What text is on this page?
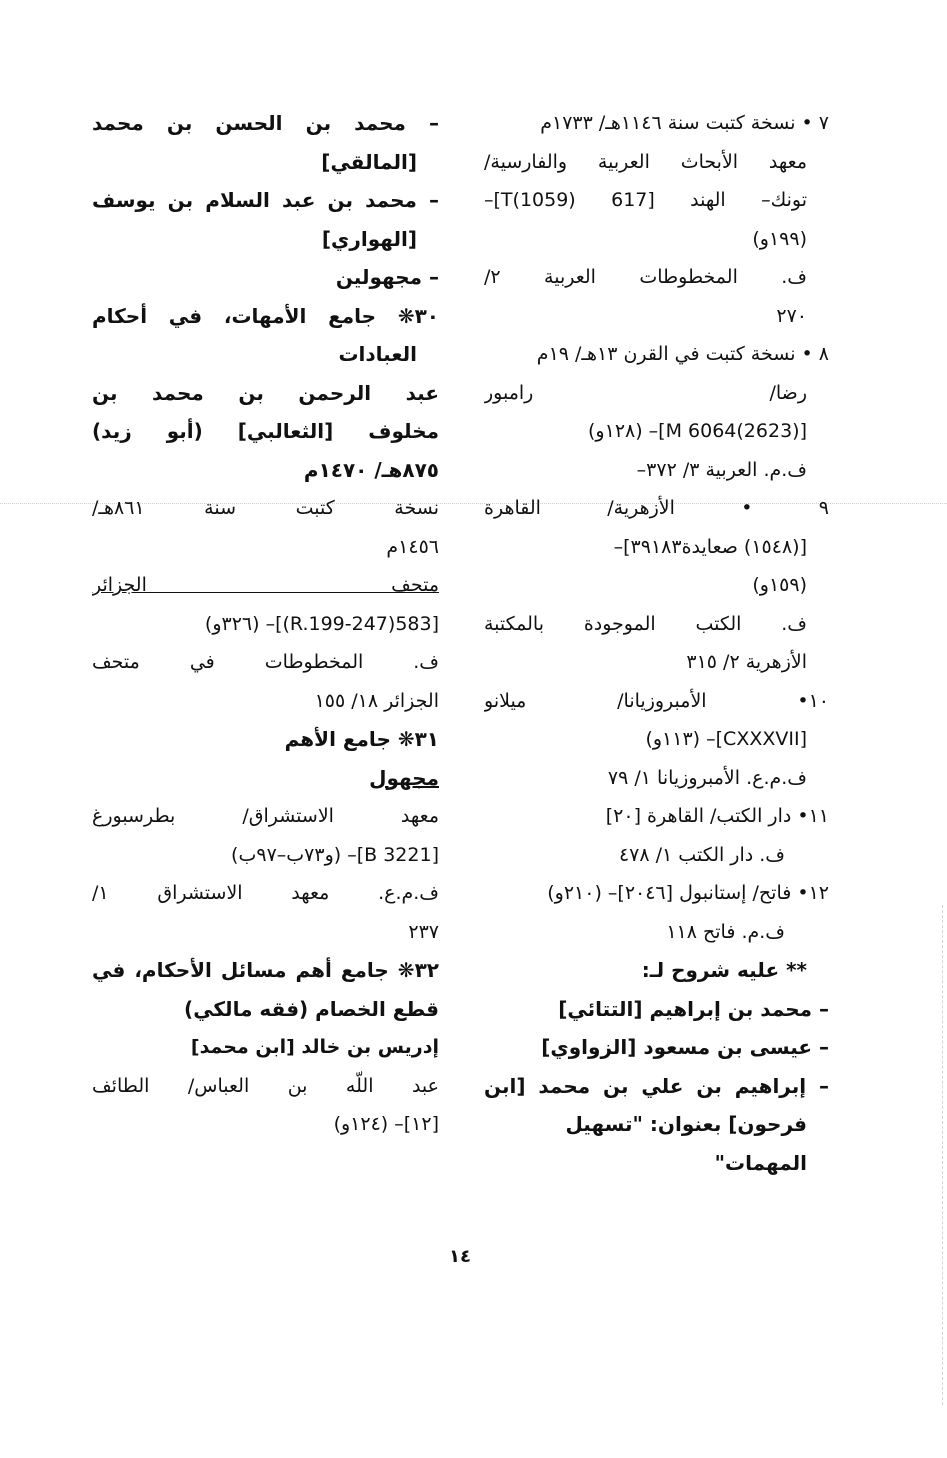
٧ • نسخة كتبت سنة ١١٤٦هـ/ ١٧٣٣م
معهد الأبحاث العربية والفارسية/
تونك– الهند [617 T(1059)]–
(١٩٩و)
ف. المخطوطات العربية ٢/
٢٧٠
٨ • نسخة كتبت في القرن ١٣هـ/ ١٩م
رضا/ رامبور
[M 6064(2623)]– (١٢٨و)
ف.م. العربية ٣/ ٣٧٢–
٩ • الأزهرية/ القاهرة
[(١٥٤٨) صعايدة٣٩١٨٣]–
(١٥٩و)
ف. الكتب الموجودة بالمكتبة
الأزهرية ٢/ ٣١٥
١٠• الأمبروزيانا/ ميلانو
[CXXXVII]– (١١٣و)
ف.م.ع. الأمبروزيانا ١/ ٧٩
١١• دار الكتب/ القاهرة [٢٠]
ف. دار الكتب ١/ ٤٧٨
١٢• فاتح/ إستانبول [٢٠٤٦]– (٢١٠و)
ف.م. فاتح ١١٨
** عليه شروح لـ:
– محمد بن إبراهيم [التتائي]
– عيسى بن مسعود [الزواوي]
– إبراهيم بن علي بن محمد [ابن
فرحون] بعنوان: "تسهيل
المهمات"
– محمد بن الحسن بن محمد
[المالقي]
– محمد بن عبد السلام بن يوسف
[الهواري]
– مجهولين
٣٠❋ جامع الأمهات، في أحكام
العبادات
عبد الرحمن بن محمد بن
مخلوف [الثعالبي] (أبو زيد)
٨٧٥هـ/ ١٤٧٠م
نسخة كتبت سنة ٨٦١هـ/
١٤٥٦م
متحف الجزائر
[583(247-R.199)]– (٣٢٦و)
ف. المخطوطات في متحف
الجزائر ١٨/ ١٥٥
٣١❋ جامع الأهم
مجهول
معهد الاستشراق/ بطرسبورغ
[B 3221]– (و٧٣ب–٩٧ب)
ف.م.ع. معهد الاستشراق ١/
٢٣٧
٣٢❋ جامع أهم مسائل الأحكام، في
قطع الخصام (فقه مالكي)
إدريس بن خالد [ابن محمد]
عبد اللّه بن العباس/ الطائف
[١٢]– (١٢٤و)
١٤
